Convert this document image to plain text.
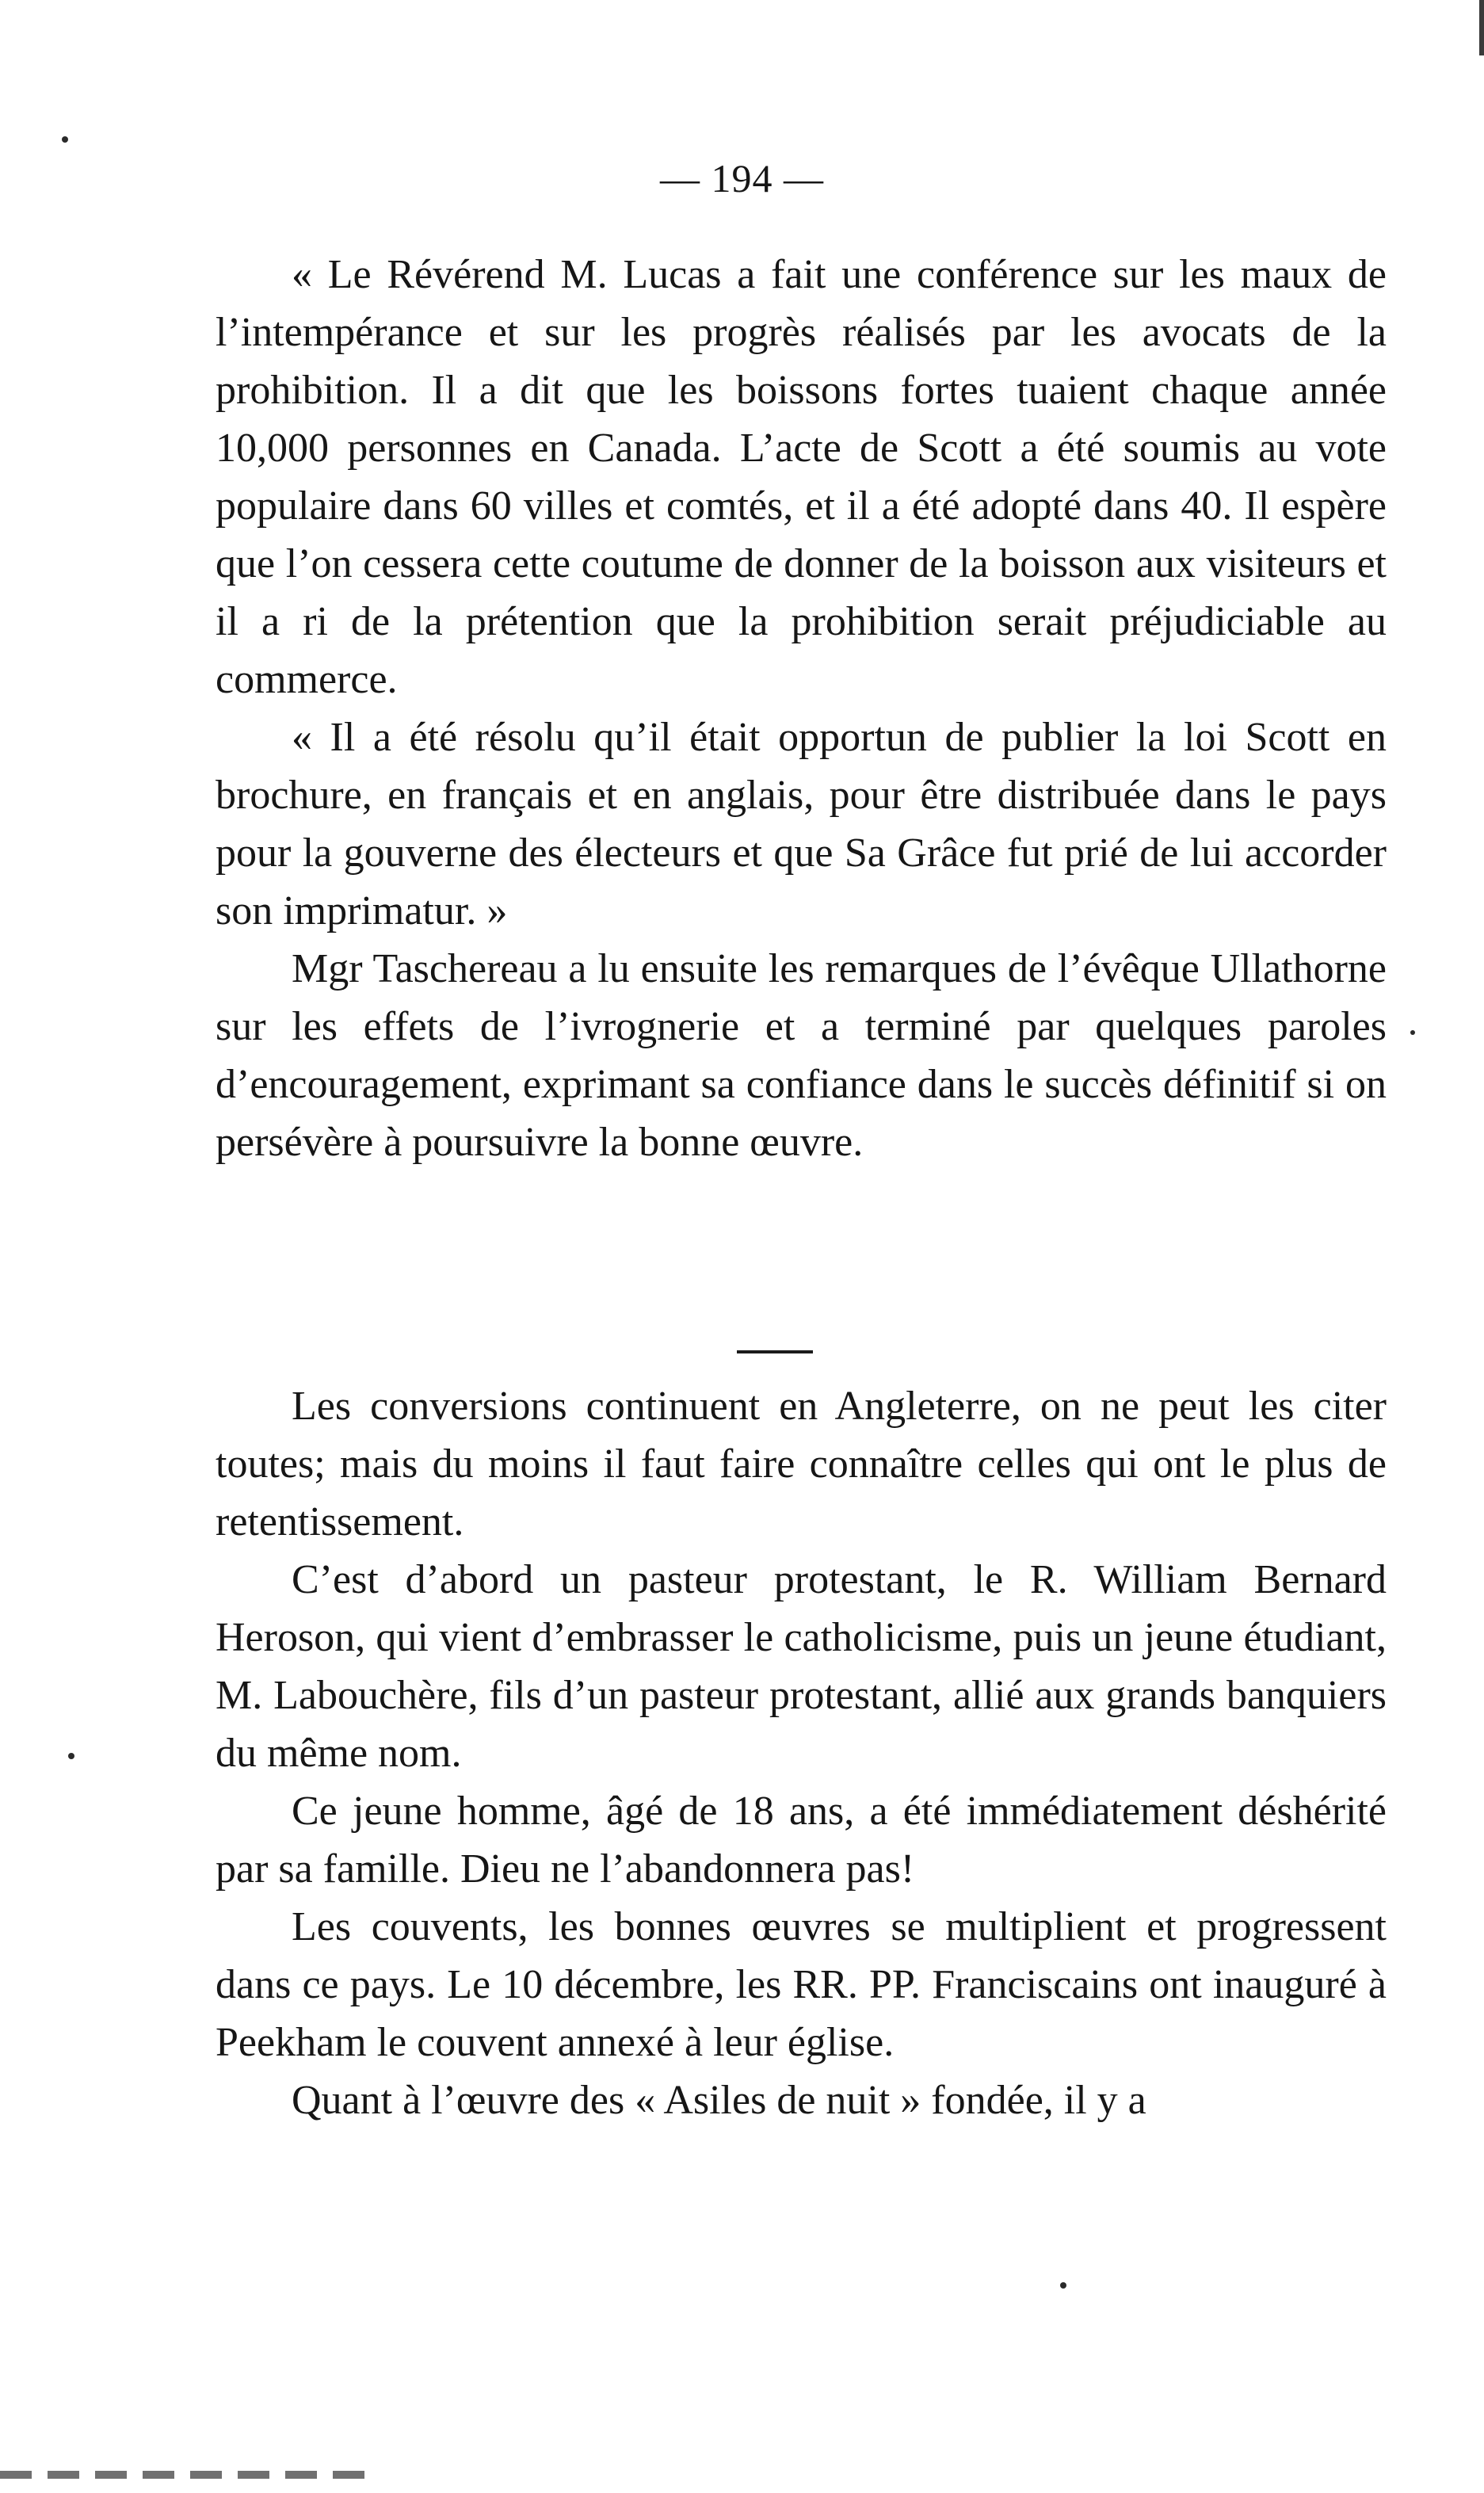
— 194 —

« Le Révérend M. Lucas a fait une conférence sur les maux de l’intempérance et sur les progrès réalisés par les avocats de la prohibition. Il a dit que les boissons fortes tuaient chaque année 10,000 personnes en Canada. L’acte de Scott a été soumis au vote populaire dans 60 villes et comtés, et il a été adopté dans 40. Il espère que l’on cessera cette coutume de donner de la boisson aux visiteurs et il a ri de la prétention que la prohibition serait préjudiciable au commerce.

« Il a été résolu qu’il était opportun de publier la loi Scott en brochure, en français et en anglais, pour être distribuée dans le pays pour la gouverne des électeurs et que Sa Grâce fut prié de lui accorder son imprimatur. »

Mgr Taschereau a lu ensuite les remarques de l’évêque Ullathorne sur les effets de l’ivrognerie et a terminé par quelques paroles d’encouragement, exprimant sa confiance dans le succès définitif si on persévère à poursuivre la bonne œuvre.

Les conversions continuent en Angleterre, on ne peut les citer toutes; mais du moins il faut faire connaître celles qui ont le plus de retentissement.

C’est d’abord un pasteur protestant, le R. William Bernard Heroson, qui vient d’embrasser le catholicisme, puis un jeune étudiant, M. Labouchère, fils d’un pasteur protestant, allié aux grands banquiers du même nom.

Ce jeune homme, âgé de 18 ans, a été immédiatement déshérité par sa famille. Dieu ne l’abandonnera pas!

Les couvents, les bonnes œuvres se multiplient et progressent dans ce pays. Le 10 décembre, les RR. PP. Franciscains ont inauguré à Peekham le couvent annexé à leur église.

Quant à l’œuvre des « Asiles de nuit » fondée, il y a
